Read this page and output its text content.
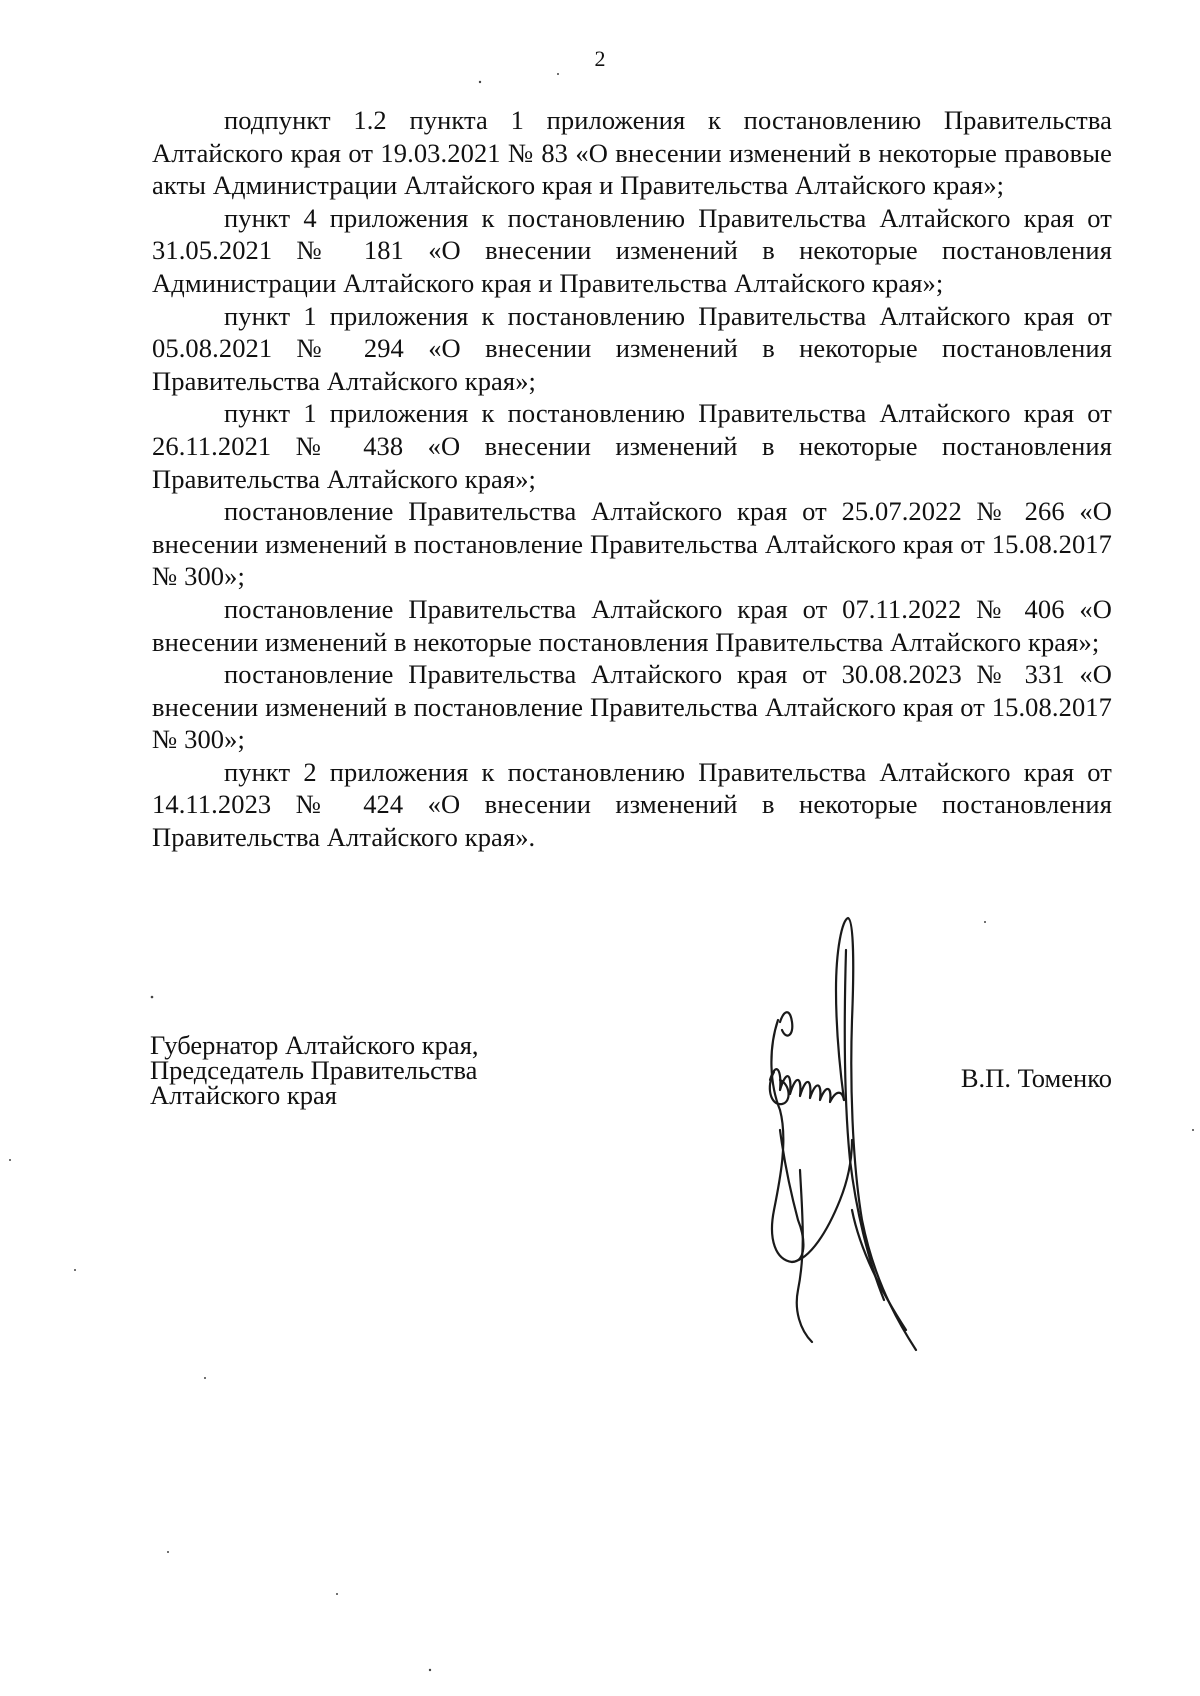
2

подпункт 1.2 пункта 1 приложения к постановлению Правительства Алтайского края от 19.03.2021 № 83 «О внесении изменений в некоторые правовые акты Администрации Алтайского края и Правительства Алтайского края»;

пункт 4 приложения к постановлению Правительства Алтайского края от 31.05.2021 № 181 «О внесении изменений в некоторые постановления Администрации Алтайского края и Правительства Алтайского края»;

пункт 1 приложения к постановлению Правительства Алтайского края от 05.08.2021 № 294 «О внесении изменений в некоторые постановления Правительства Алтайского края»;

пункт 1 приложения к постановлению Правительства Алтайского края от 26.11.2021 № 438 «О внесении изменений в некоторые постановления Правительства Алтайского края»;

постановление Правительства Алтайского края от 25.07.2022 № 266 «О внесении изменений в постановление Правительства Алтайского края от 15.08.2017 № 300»;

постановление Правительства Алтайского края от 07.11.2022 № 406 «О внесении изменений в некоторые постановления Правительства Алтайского края»;

постановление Правительства Алтайского края от 30.08.2023 № 331 «О внесении изменений в постановление Правительства Алтайского края от 15.08.2017 № 300»;

пункт 2 приложения к постановлению Правительства Алтайского края от 14.11.2023 № 424 «О внесении изменений в некоторые постановления Правительства Алтайского края».

Губернатор Алтайского края,
Председатель Правительства
Алтайского края
В.П. Томенко
